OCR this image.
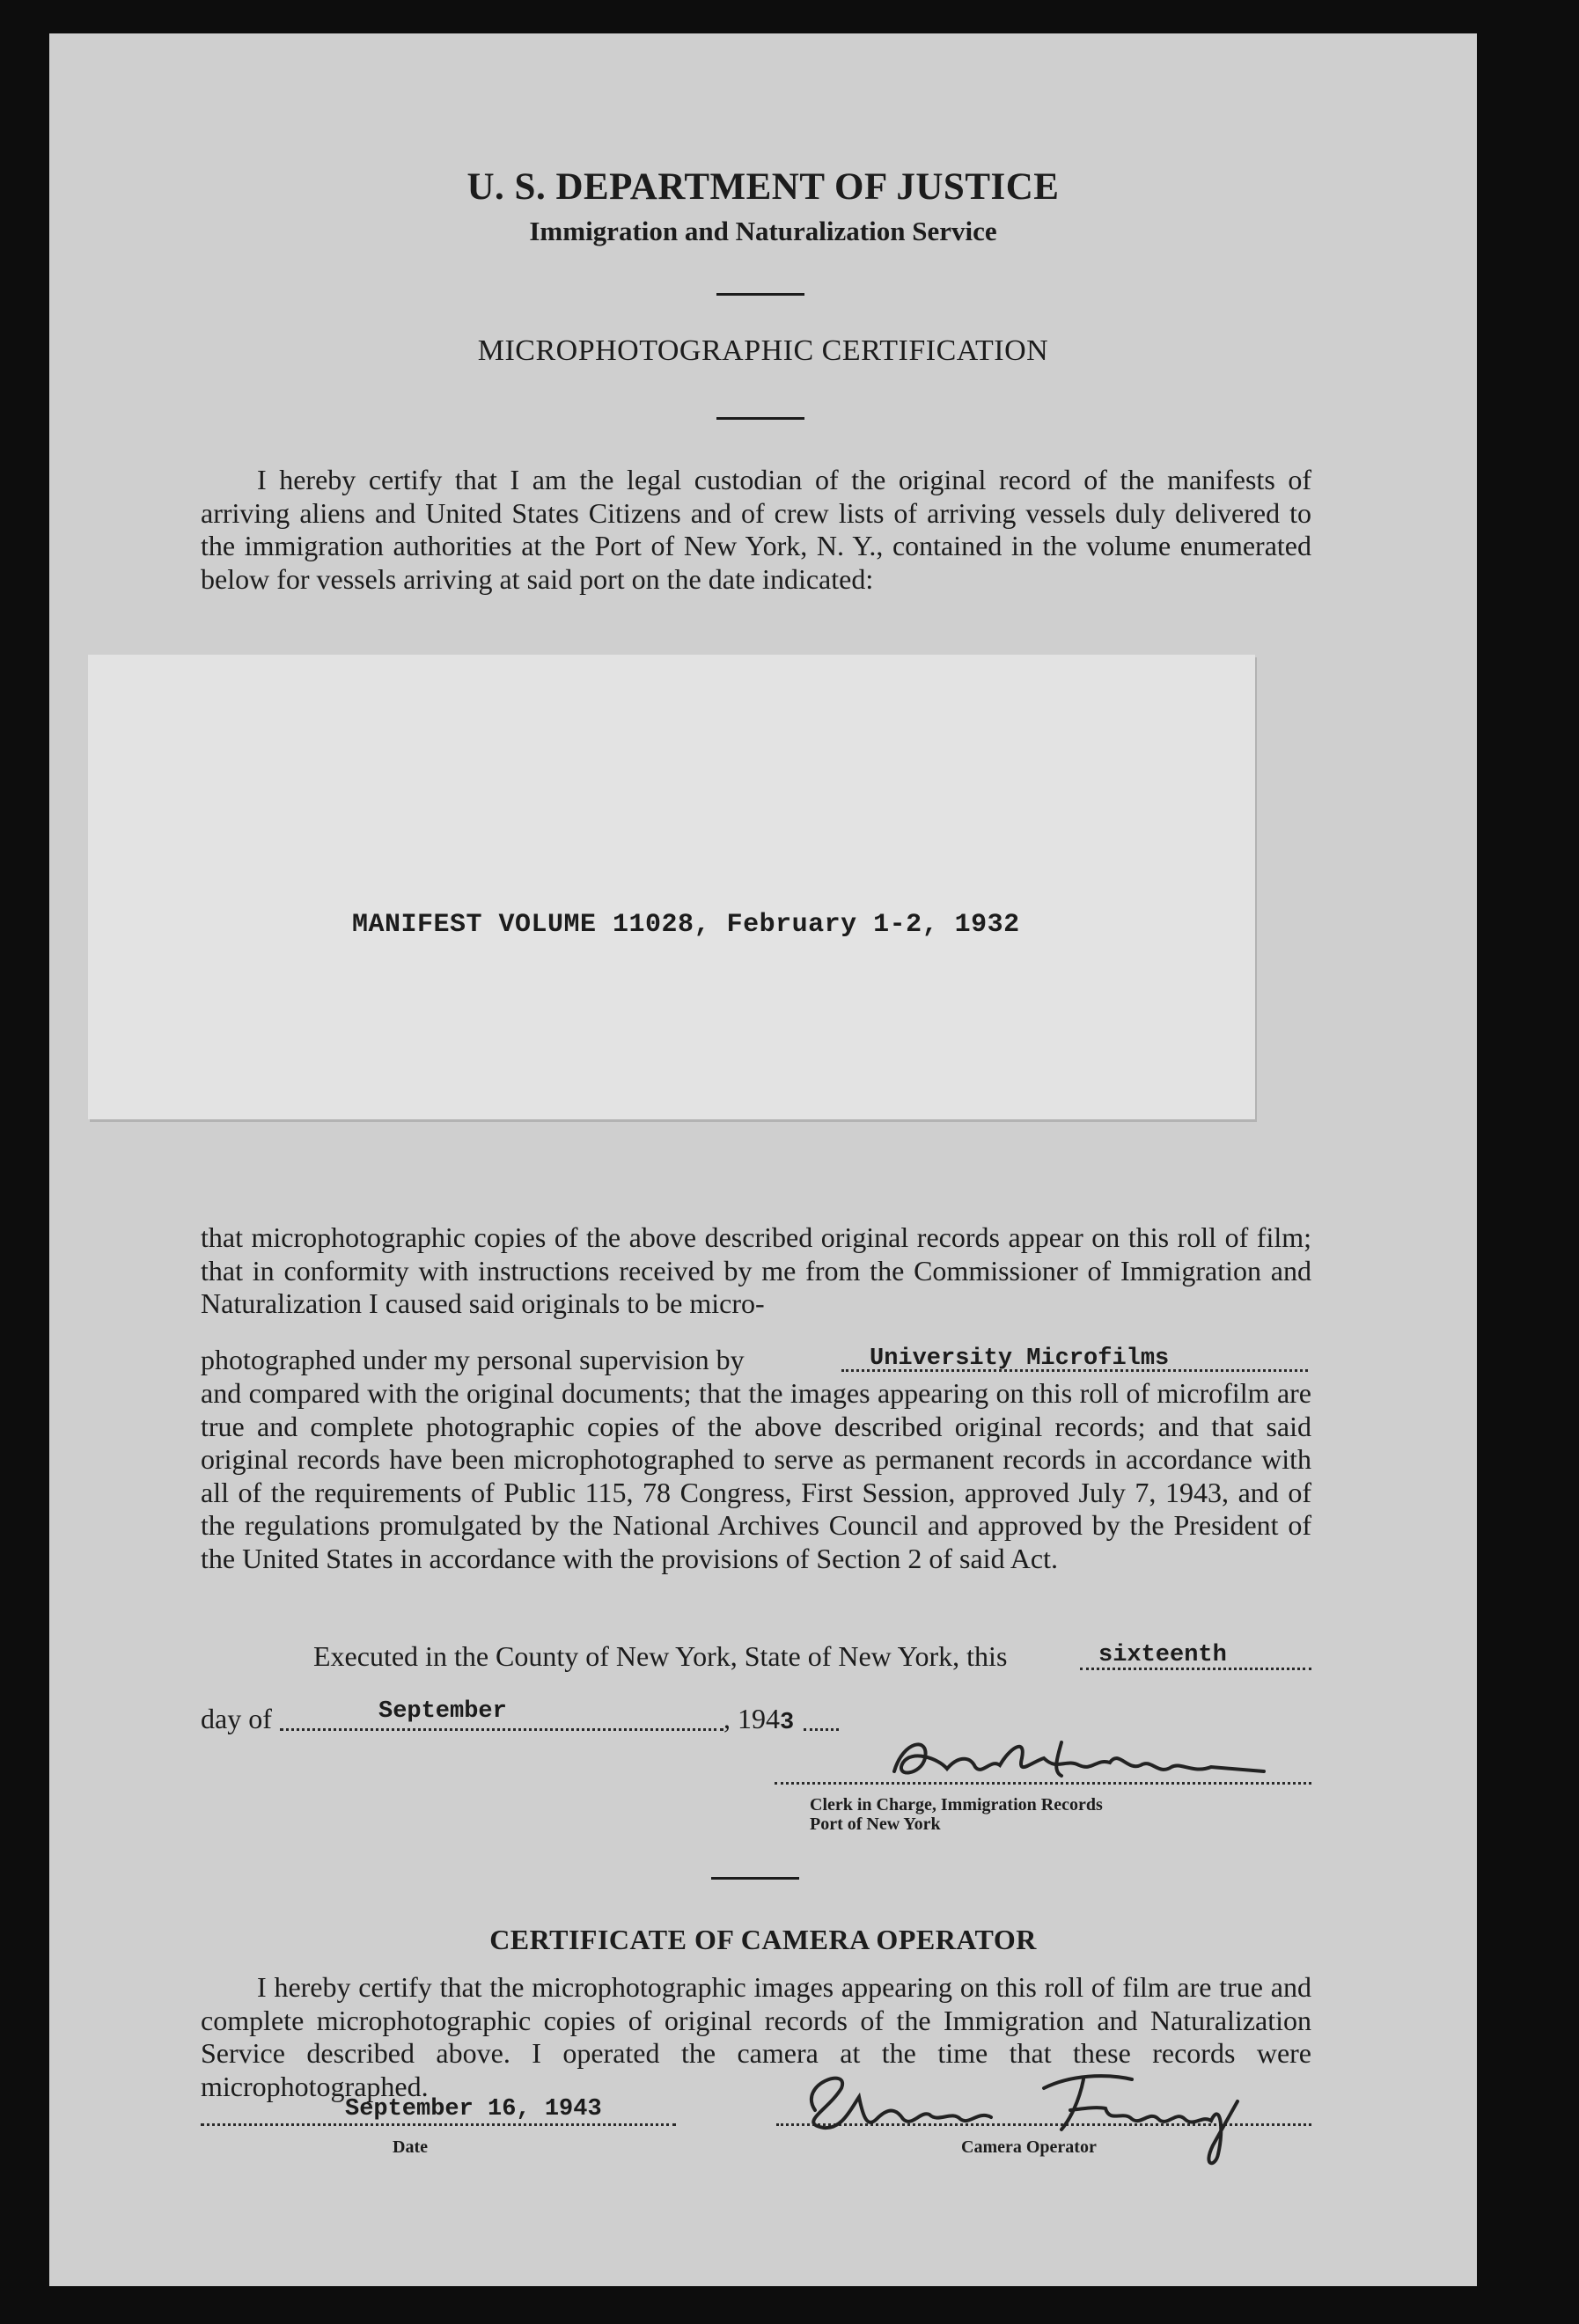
U. S. DEPARTMENT OF JUSTICE
Immigration and Naturalization Service
MICROPHOTOGRAPHIC CERTIFICATION

I hereby certify that I am the legal custodian of the original record of the manifests of arriving aliens and United States Citizens and of crew lists of arriving vessels duly delivered to the immigration authorities at the Port of New York, N. Y., contained in the volume enumerated below for vessels arriving at said port on the date indicated:

MANIFEST VOLUME 11028, February 1-2, 1932

that microphotographic copies of the above described original records appear on this roll of film; that in conformity with instructions received by me from the Commissioner of Immigration and Naturalization I caused said originals to be micro-

photographed under my personal supervision by	University Microfilms

and compared with the original documents; that the images appearing on this roll of microfilm are true and complete photographic copies of the above described original records; and that said original records have been microphotographed to serve as permanent records in accordance with all of the requirements of Public 115, 78 Congress, First Session, approved July 7, 1943, and of the regulations promulgated by the National Archives Council and approved by the President of the United States in accordance with the provisions of Section 2 of said Act.

Executed in the County of New York, State of New York, this	sixteenth
day of	September	, 1943
Clerk in Charge, Immigration Records
Port of New York
CERTIFICATE OF CAMERA OPERATOR

I hereby certify that the microphotographic images appearing on this roll of film are true and complete microphotographic copies of original records of the Immigration and Naturalization Service described above. I operated the camera at the time that these records were microphotographed.

September 16, 1943
Date	Camera Operator
